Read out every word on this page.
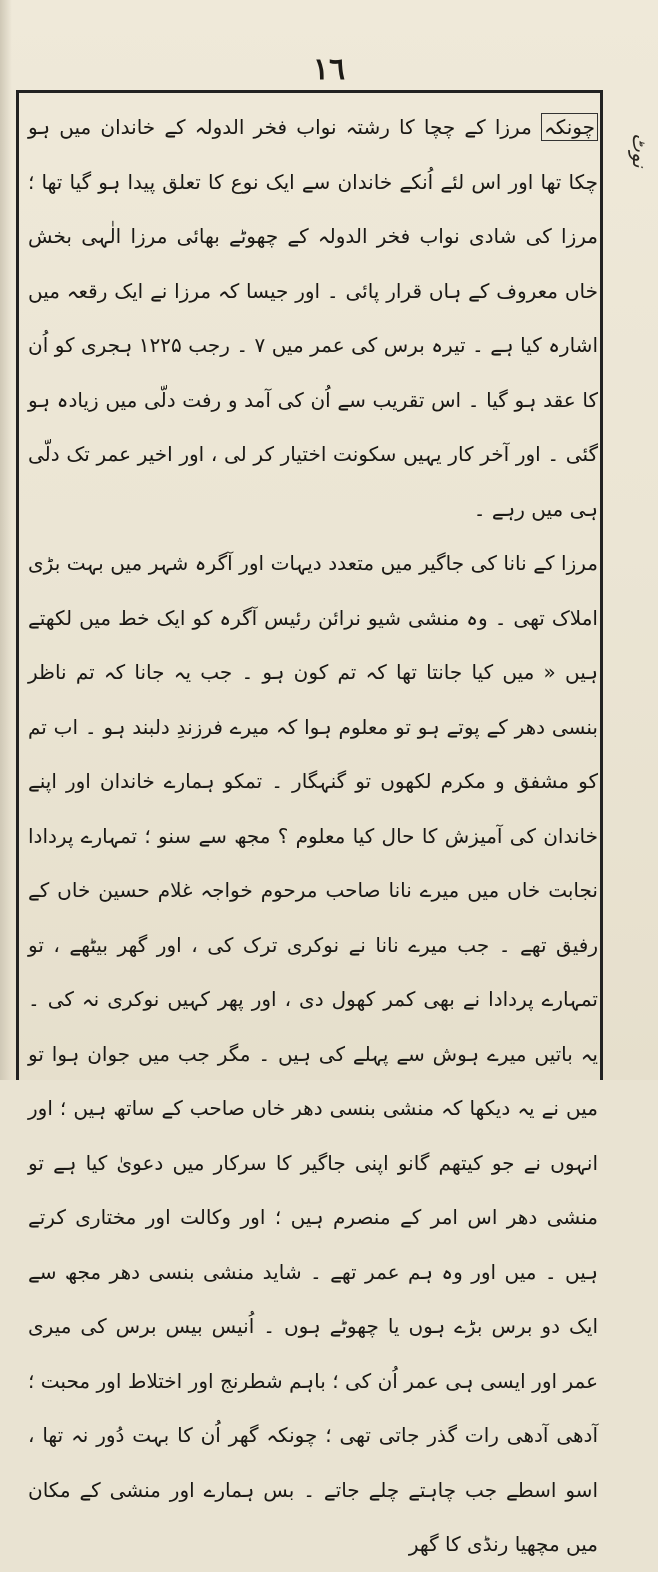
١٦
نوٹ

چونکہ مرزا کے چچا کا رشتہ نواب فخر الدولہ کے خاندان میں ہو چکا تھا اور اس لئے اُنکے خاندان سے ایک نوع کا تعلق پیدا ہو گیا تھا ؛ مرزا کی شادی نواب فخر الدولہ کے چھوٹے بھائی مرزا الٰہی بخش خاں معروف کے ہاں قرار پائی ۔ اور جیسا کہ مرزا نے ایک رقعہ میں اشارہ کیا ہے ۔ تیرہ برس کی عمر میں ۷ ۔ رجب ۱۲۲۵ ہجری کو اُن کا عقد ہو گیا ۔ اس تقریب سے اُن کی آمد و رفت دلّی میں زیادہ ہو گئی ۔ اور آخر کار یہیں سکونت اختیار کر لی ، اور اخیر عمر تک دلّی ہی میں رہے ۔

مرزا کے نانا کی جاگیر میں متعدد دیہات اور آگرہ شہر میں بہت بڑی املاک تھی ۔ وہ منشی شیو نرائن رئیس آگرہ کو ایک خط میں لکھتے ہیں « میں کیا جانتا تھا کہ تم کون ہو ۔ جب یہ جانا کہ تم ناظر بنسی دھر کے پوتے ہو تو معلوم ہوا کہ میرے فرزندِ دلبند ہو ۔ اب تم کو مشفق و مکرم لکھوں تو گنہگار ۔ تمکو ہمارے خاندان اور اپنے خاندان کی آمیزش کا حال کیا معلوم ؟ مجھ سے سنو ؛ تمہارے پردادا نجابت خاں میں میرے نانا صاحب مرحوم خواجہ غلام حسین خاں کے رفیق تھے ۔ جب میرے نانا نے نوکری ترک کی ، اور گھر بیٹھے ، تو تمہارے پردادا نے بھی کمر کھول دی ، اور پھر کہیں نوکری نہ کی ۔ یہ باتیں میرے ہوش سے پہلے کی ہیں ۔ مگر جب میں جوان ہوا تو میں نے یہ دیکھا کہ منشی بنسی دھر خاں صاحب کے ساتھ ہیں ؛ اور انہوں نے جو کیتھم گانو اپنی جاگیر کا سرکار میں دعویٰ کیا ہے تو منشی دھر اس امر کے منصرم ہیں ؛ اور وکالت اور مختاری کرتے ہیں ۔ میں اور وہ ہم عمر تھے ۔ شاید منشی بنسی دھر مجھ سے ایک دو برس بڑے ہوں یا چھوٹے ہوں ۔ اُنیس بیس برس کی میری عمر اور ایسی ہی عمر اُن کی ؛ باہم شطرنج اور اختلاط اور محبت ؛ آدھی آدھی رات گذر جاتی تھی ؛ چونکہ گھر اُن کا بہت دُور نہ تھا ، اسو اسطے جب چاہتے چلے جاتے ۔ بس ہمارے اور منشی کے مکان میں مچھیا رنڈی کا گھر
